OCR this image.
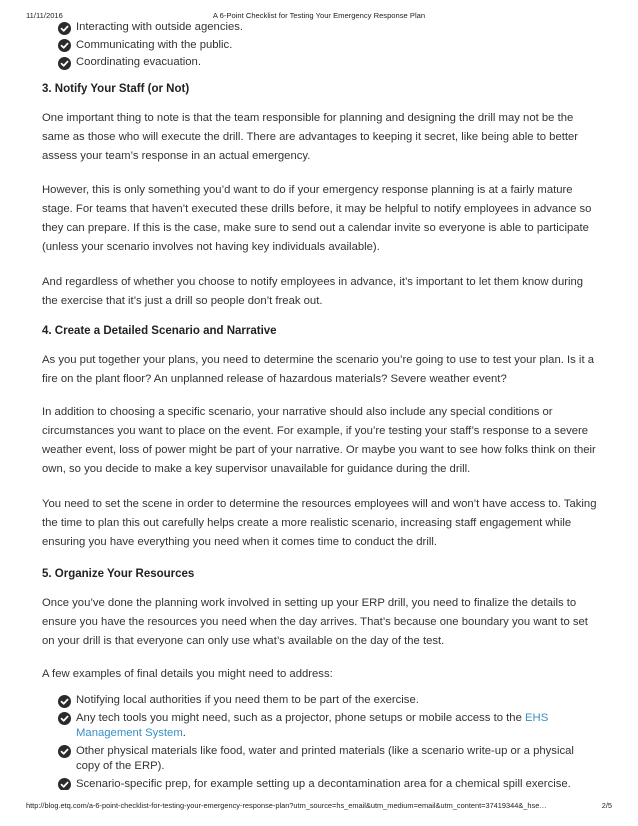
11/11/2016	A 6-Point Checklist for Testing Your Emergency Response Plan
Interacting with outside agencies.
Communicating with the public.
Coordinating evacuation.
3. Notify Your Staff (or Not)

One important thing to note is that the team responsible for planning and designing the drill may not be the same as those who will execute the drill. There are advantages to keeping it secret, like being able to better assess your team’s response in an actual emergency.

However, this is only something you’d want to do if your emergency response planning is at a fairly mature stage. For teams that haven’t executed these drills before, it may be helpful to notify employees in advance so they can prepare. If this is the case, make sure to send out a calendar invite so everyone is able to participate (unless your scenario involves not having key individuals available).

And regardless of whether you choose to notify employees in advance, it’s important to let them know during the exercise that it’s just a drill so people don’t freak out.

4. Create a Detailed Scenario and Narrative

As you put together your plans, you need to determine the scenario you’re going to use to test your plan. Is it a fire on the plant floor? An unplanned release of hazardous materials? Severe weather event?

In addition to choosing a specific scenario, your narrative should also include any special conditions or circumstances you want to place on the event. For example, if you’re testing your staff’s response to a severe weather event, loss of power might be part of your narrative. Or maybe you want to see how folks think on their own, so you decide to make a key supervisor unavailable for guidance during the drill.

You need to set the scene in order to determine the resources employees will and won’t have access to. Taking the time to plan this out carefully helps create a more realistic scenario, increasing staff engagement while ensuring you have everything you need when it comes time to conduct the drill.

5. Organize Your Resources

Once you’ve done the planning work involved in setting up your ERP drill, you need to finalize the details to ensure you have the resources you need when the day arrives. That’s because one boundary you want to set on your drill is that everyone can only use what’s available on the day of the test.

A few examples of final details you might need to address:

Notifying local authorities if you need them to be part of the exercise.
Any tech tools you might need, such as a projector, phone setups or mobile access to the EHS Management System.
Other physical materials like food, water and printed materials (like a scenario write-up or a physical copy of the ERP).
Scenario-specific prep, for example setting up a decontamination area for a chemical spill exercise.
http://blog.etq.com/a-6-point-checklist-for-testing-your-emergency-response-plan?utm_source=hs_email&utm_medium=email&utm_content=37419344&_hse…	2/5
